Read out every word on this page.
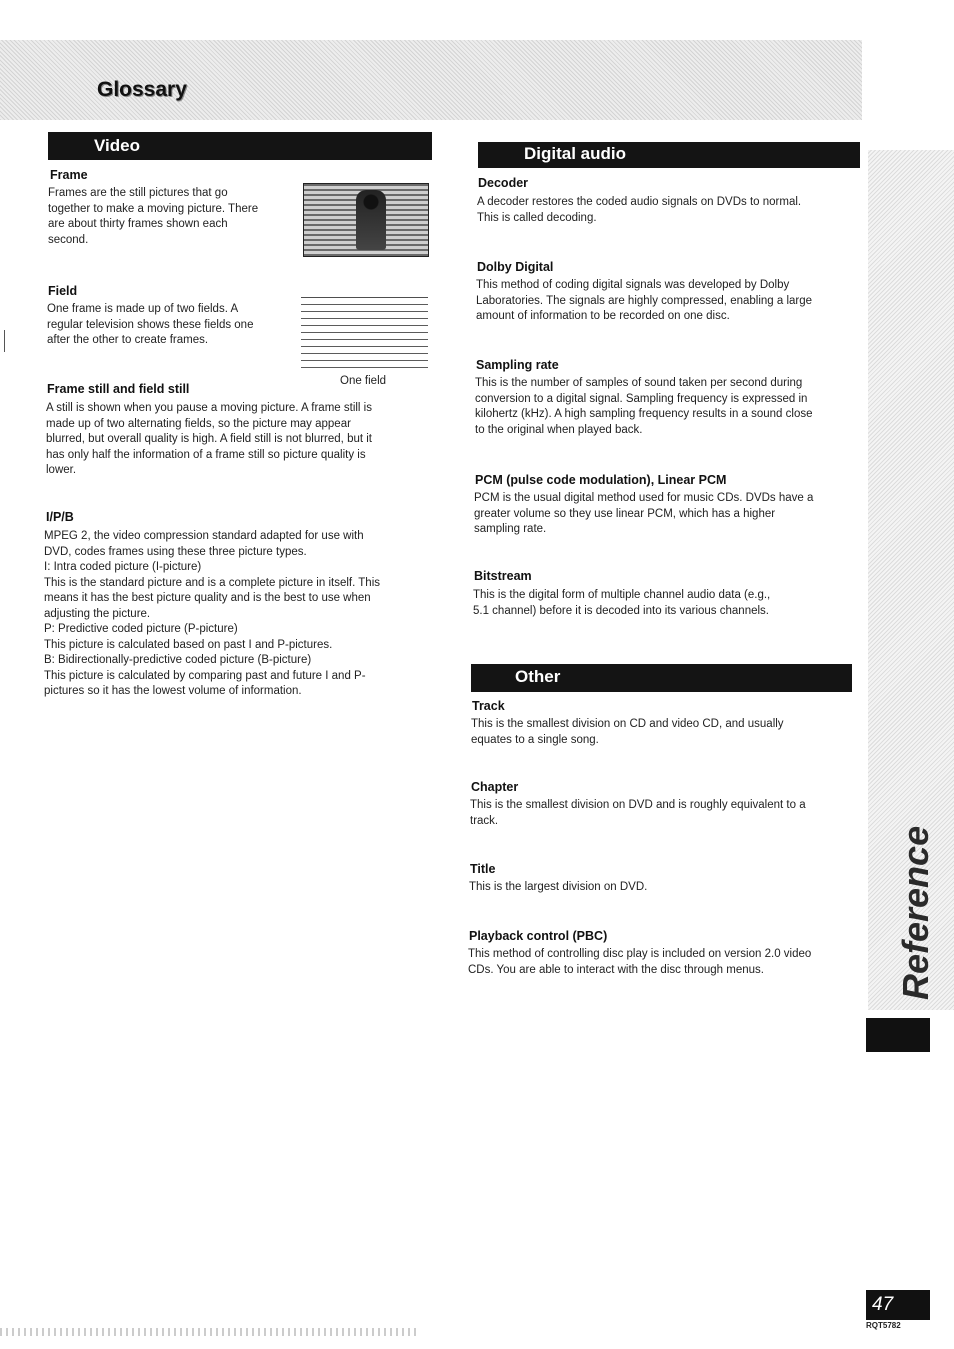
Glossary
Reference
47
RQT5782
Video
Frame
Frames are the still pictures that go
together to make a moving picture. There
are about thirty frames shown each
second.
Field
One frame is made up of two fields. A
regular television shows these fields one
after the other to create frames.
One field
Frame still and field still
A still is shown when you pause a moving picture. A frame still is
made up of two alternating fields, so the picture may appear
blurred, but overall quality is high. A field still is not blurred, but it
has only half the information of a frame still so picture quality is
lower.
I/P/B
MPEG 2, the video compression standard adapted for use with
DVD, codes frames using these three picture types.
I: Intra coded picture (I-picture)
This is the standard picture and is a complete picture in itself. This
means it has the best picture quality and is the best to use when
adjusting the picture.
P: Predictive coded picture (P-picture)
This picture is calculated based on past I and P-pictures.
B: Bidirectionally-predictive coded picture (B-picture)
This picture is calculated by comparing past and future I and P-
pictures so it has the lowest volume of information.
Digital audio
Decoder
A decoder restores the coded audio signals on DVDs to normal.
This is called decoding.
Dolby Digital
This method of coding digital signals was developed by Dolby
Laboratories. The signals are highly compressed, enabling a large
amount of information to be recorded on one disc.
Sampling rate
This is the number of samples of sound taken per second during
conversion to a digital signal. Sampling frequency is expressed in
kilohertz (kHz). A high sampling frequency results in a sound close
to the original when played back.
PCM (pulse code modulation), Linear PCM
PCM is the usual digital method used for music CDs. DVDs have a
greater volume so they use linear PCM, which has a higher
sampling rate.
Bitstream
This is the digital form of multiple channel audio data (e.g.,
5.1 channel) before it is decoded into its various channels.
Other
Track
This is the smallest division on CD and video CD, and usually
equates to a single song.
Chapter
This is the smallest division on DVD and is roughly equivalent to a
track.
Title
This is the largest division on DVD.
Playback control (PBC)
This method of controlling disc play is included on version 2.0 video
CDs. You are able to interact with the disc through menus.
